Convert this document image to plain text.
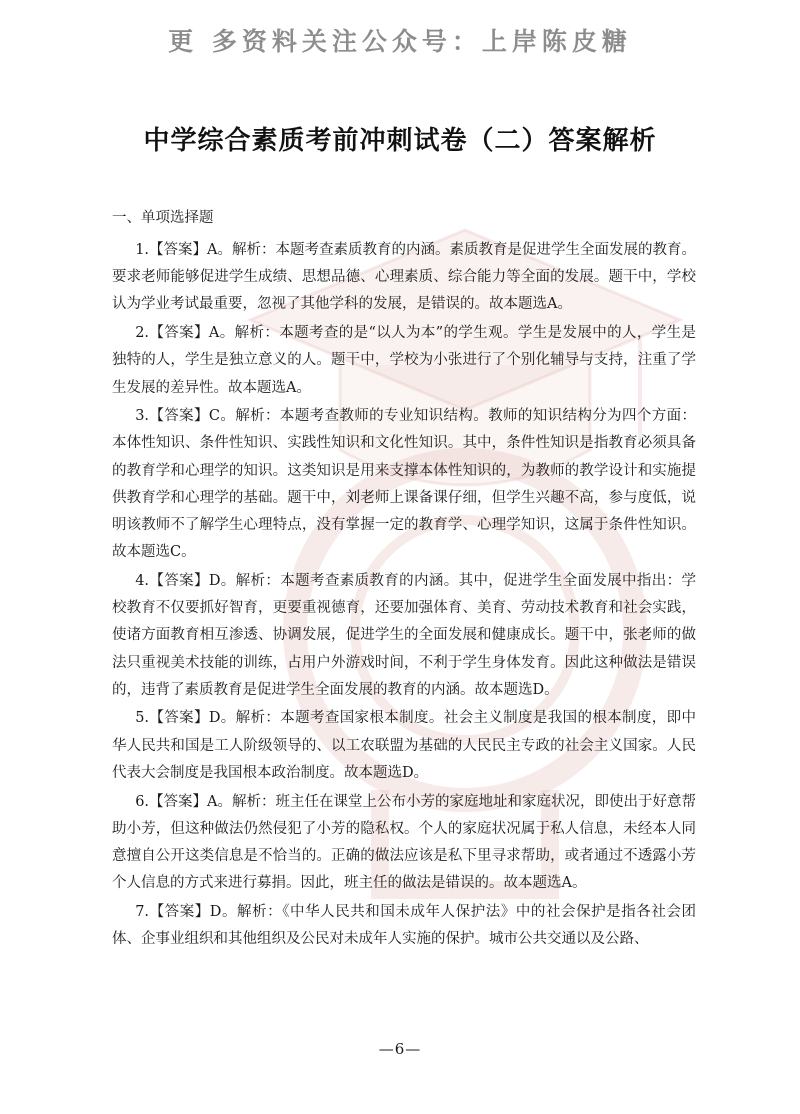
更 多资料关注公众号：上岸陈皮糖
中学综合素质考前冲刺试卷（二）答案解析
一、单项选择题

1.【答案】A。解析：本题考查素质教育的内涵。素质教育是促进学生全面发展的教育。要求老师能够促进学生成绩、思想品德、心理素质、综合能力等全面的发展。题干中，学校认为学业考试最重要，忽视了其他学科的发展，是错误的。故本题选A。

2.【答案】A。解析：本题考查的是“以人为本”的学生观。学生是发展中的人，学生是独特的人，学生是独立意义的人。题干中，学校为小张进行了个别化辅导与支持，注重了学生发展的差异性。故本题选A。

3.【答案】C。解析：本题考查教师的专业知识结构。教师的知识结构分为四个方面：本体性知识、条件性知识、实践性知识和文化性知识。其中，条件性知识是指教育必须具备的教育学和心理学的知识。这类知识是用来支撑本体性知识的，为教师的教学设计和实施提供教育学和心理学的基础。题干中，刘老师上课备课仔细，但学生兴趣不高，参与度低，说明该教师不了解学生心理特点，没有掌握一定的教育学、心理学知识，这属于条件性知识。故本题选C。

4.【答案】D。解析：本题考查素质教育的内涵。其中，促进学生全面发展中指出：学校教育不仅要抓好智育，更要重视德育，还要加强体育、美育、劳动技术教育和社会实践，使诸方面教育相互渗透、协调发展，促进学生的全面发展和健康成长。题干中，张老师的做法只重视美术技能的训练，占用户外游戏时间，不利于学生身体发育。因此这种做法是错误的，违背了素质教育是促进学生全面发展的教育的内涵。故本题选D。

5.【答案】D。解析：本题考查国家根本制度。社会主义制度是我国的根本制度，即中华人民共和国是工人阶级领导的、以工农联盟为基础的人民民主专政的社会主义国家。人民代表大会制度是我国根本政治制度。故本题选D。

6.【答案】A。解析：班主任在课堂上公布小芳的家庭地址和家庭状况，即使出于好意帮助小芳，但这种做法仍然侵犯了小芳的隐私权。个人的家庭状况属于私人信息，未经本人同意擅自公开这类信息是不恰当的。正确的做法应该是私下里寻求帮助，或者通过不透露小芳个人信息的方式来进行募捐。因此，班主任的做法是错误的。故本题选A。

7.【答案】D。解析：《中华人民共和国未成年人保护法》中的社会保护是指各社会团体、企事业组织和其他组织及公民对未成年人实施的保护。城市公共交通以及公路、

—6—
